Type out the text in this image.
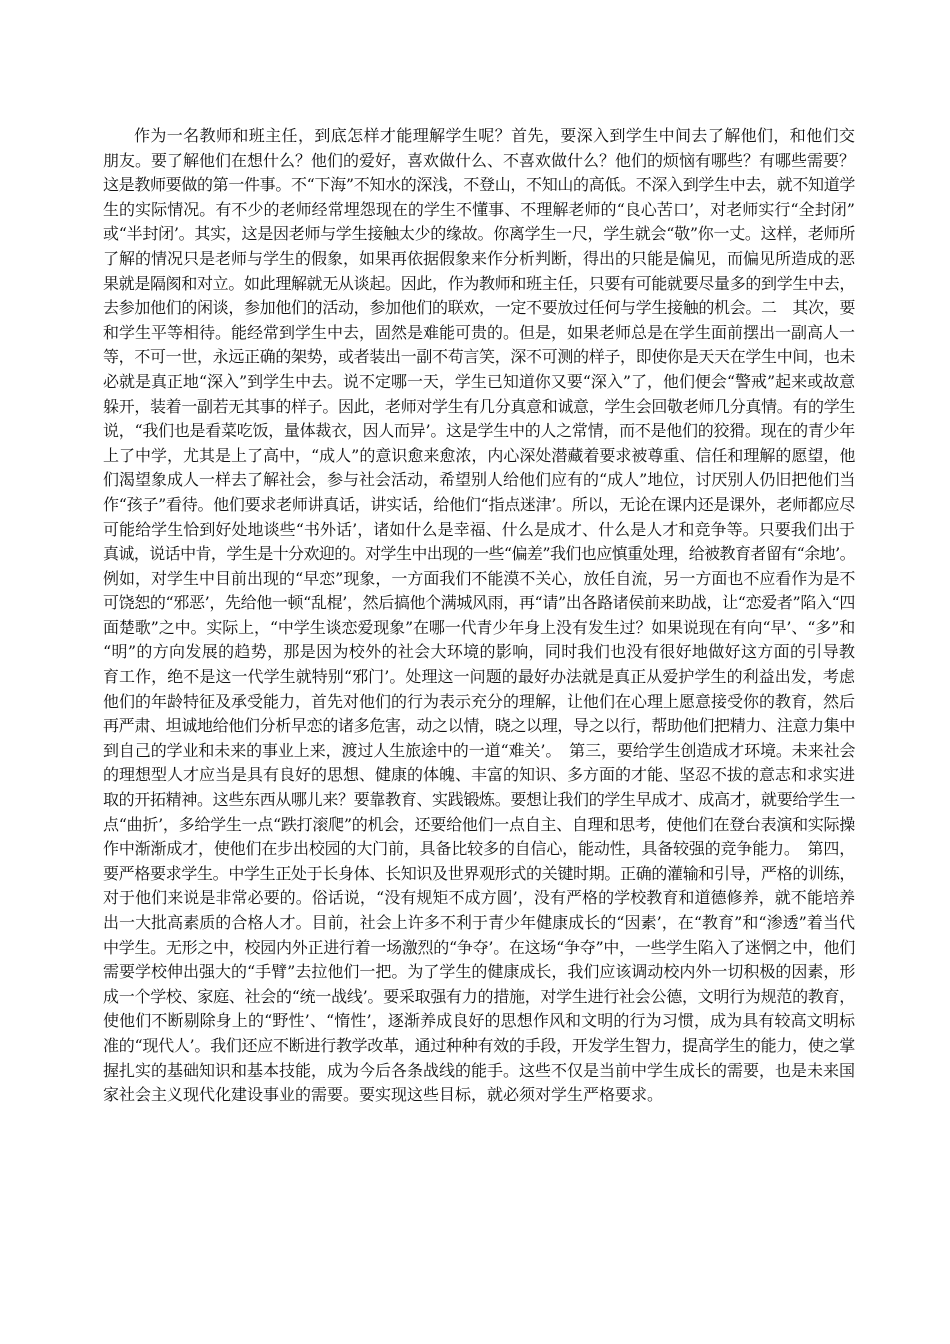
作为一名教师和班主任，到底怎样才能理解学生呢？首先，要深入到学生中间去了解他们，和他们交
朋友。要了解他们在想什么？他们的爱好，喜欢做什么、不喜欢做什么？他们的烦恼有哪些？有哪些需要？
这是教师要做的第一件事。不“下海”不知水的深浅，不登山，不知山的高低。不深入到学生中去，就不知道学
生的实际情况。有不少的老师经常埋怨现在的学生不懂事、不理解老师的“良心苦口’，对老师实行“全封闭”
或“半封闭’。其实，这是因老师与学生接触太少的缘故。你离学生一尺，学生就会“敬”你一丈。这样，老师所
了解的情况只是老师与学生的假象，如果再依据假象来作分析判断，得出的只能是偏见，而偏见所造成的恶
果就是隔阂和对立。如此理解就无从谈起。因此，作为教师和班主任，只要有可能就要尽量多的到学生中去，
去参加他们的闲谈，参加他们的活动，参加他们的联欢，一定不要放过任何与学生接触的机会。二　其次，要
和学生平等相待。能经常到学生中去，固然是难能可贵的。但是，如果老师总是在学生面前摆出一副高人一
等，不可一世，永远正确的架势，或者装出一副不苟言笑，深不可测的样子，即使你是天天在学生中间，也未
必就是真正地“深入”到学生中去。说不定哪一天，学生已知道你又要“深入”了，他们便会“警戒”起来或故意
躲开，装着一副若无其事的样子。因此，老师对学生有几分真意和诚意，学生会回敬老师几分真情。有的学生
说，“我们也是看菜吃饭，量体裁衣，因人而异’。这是学生中的人之常情，而不是他们的狡猾。现在的青少年
上了中学，尤其是上了高中，“成人”的意识愈来愈浓，内心深处潜藏着要求被尊重、信任和理解的愿望，他
们渴望象成人一样去了解社会，参与社会活动，希望别人给他们应有的“成人”地位，讨厌别人仍旧把他们当
作“孩子”看待。他们要求老师讲真话，讲实话，给他们“指点迷津’。所以，无论在课内还是课外，老师都应尽
可能给学生恰到好处地谈些“书外话’，诸如什么是幸福、什么是成才、什么是人才和竞争等。只要我们出于
真诚，说话中肯，学生是十分欢迎的。对学生中出现的一些“偏差”我们也应慎重处理，给被教育者留有“余地’。
例如，对学生中目前出现的“早恋”现象，一方面我们不能漠不关心，放任自流，另一方面也不应看作为是不
可饶恕的“邪恶’，先给他一顿“乱棍’，然后搞他个满城风雨，再“请”出各路诸侯前来助战，让“恋爱者”陷入“四
面楚歌”之中。实际上，“中学生谈恋爱现象”在哪一代青少年身上没有发生过？如果说现在有向“早’、“多”和
“明”的方向发展的趋势，那是因为校外的社会大环境的影响，同时我们也没有很好地做好这方面的引导教
育工作，绝不是这一代学生就特别“邪门’。处理这一问题的最好办法就是真正从爱护学生的利益出发，考虑
他们的年龄特征及承受能力，首先对他们的行为表示充分的理解，让他们在心理上愿意接受你的教育，然后
再严肃、坦诚地给他们分析早恋的诸多危害，动之以情，晓之以理，导之以行，帮助他们把精力、注意力集中
到自己的学业和未来的事业上来，渡过人生旅途中的一道“难关’。　第三，要给学生创造成才环境。未来社会
的理想型人才应当是具有良好的思想、健康的体魄、丰富的知识、多方面的才能、坚忍不拔的意志和求实进
取的开拓精神。这些东西从哪儿来？要靠教育、实践锻炼。要想让我们的学生早成才、成高才，就要给学生一
点“曲折’，多给学生一点“跌打滚爬”的机会，还要给他们一点自主、自理和思考，使他们在登台表演和实际操
作中渐渐成才，使他们在步出校园的大门前，具备比较多的自信心，能动性，具备较强的竞争能力。　第四，
要严格要求学生。中学生正处于长身体、长知识及世界观形式的关键时期。正确的灌输和引导，严格的训练，
对于他们来说是非常必要的。俗话说，“没有规矩不成方圆’，没有严格的学校教育和道德修养，就不能培养
出一大批高素质的合格人才。目前，社会上许多不利于青少年健康成长的“因素’，在“教育”和“渗透”着当代
中学生。无形之中，校园内外正进行着一场激烈的“争夺’。在这场“争夺”中，一些学生陷入了迷惘之中，他们
需要学校伸出强大的“手臂”去拉他们一把。为了学生的健康成长，我们应该调动校内外一切积极的因素，形
成一个学校、家庭、社会的“统一战线’。要采取强有力的措施，对学生进行社会公德，文明行为规范的教育，
使他们不断剔除身上的“野性’、“惰性’，逐渐养成良好的思想作风和文明的行为习惯，成为具有较高文明标
准的“现代人’。我们还应不断进行教学改革，通过种种有效的手段，开发学生智力，提高学生的能力，使之掌
握扎实的基础知识和基本技能，成为今后各条战线的能手。这些不仅是当前中学生成长的需要，也是未来国
家社会主义现代化建设事业的需要。要实现这些目标，就必须对学生严格要求。
